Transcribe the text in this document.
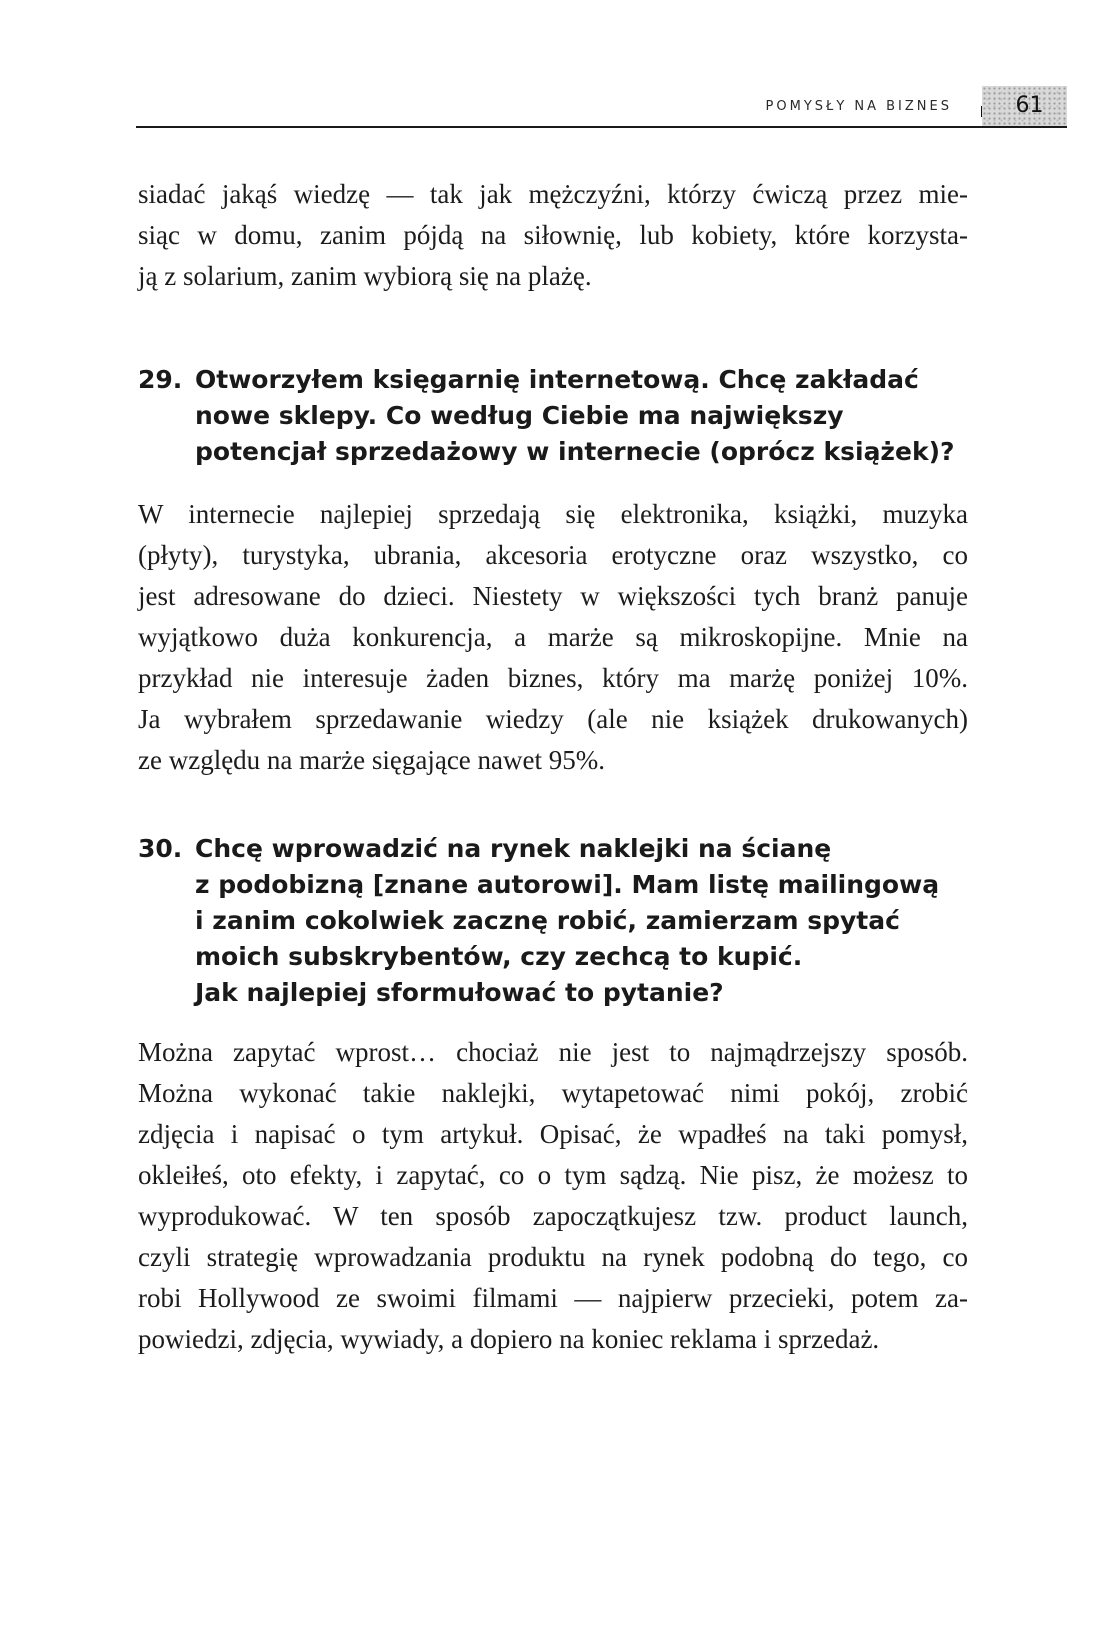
POMYSŁY NA BIZNES	61

siadać jakąś wiedzę — tak jak mężczyźni, którzy ćwiczą przez mie-
siąc w domu, zanim pójdą na siłownię, lub kobiety, które korzysta-
ją z solarium, zanim wybiorą się na plażę.

29. Otworzyłem księgarnię internetową. Chcę zakładać
nowe sklepy. Co według Ciebie ma największy
potencjał sprzedażowy w internecie (oprócz książek)?

W internecie najlepiej sprzedają się elektronika, książki, muzyka
(płyty), turystyka, ubrania, akcesoria erotyczne oraz wszystko, co
jest adresowane do dzieci. Niestety w większości tych branż panuje
wyjątkowo duża konkurencja, a marże są mikroskopijne. Mnie na
przykład nie interesuje żaden biznes, który ma marżę poniżej 10%.
Ja wybrałem sprzedawanie wiedzy (ale nie książek drukowanych)
ze względu na marże sięgające nawet 95%.

30. Chcę wprowadzić na rynek naklejki na ścianę
z podobizną [znane autorowi]. Mam listę mailingową
i zanim cokolwiek zacznę robić, zamierzam spytać
moich subskrybentów, czy zechcą to kupić.
Jak najlepiej sformułować to pytanie?

Można zapytać wprost… chociaż nie jest to najmądrzejszy sposób.
Można wykonać takie naklejki, wytapetować nimi pokój, zrobić
zdjęcia i napisać o tym artykuł. Opisać, że wpadłeś na taki pomysł,
okleiłeś, oto efekty, i zapytać, co o tym sądzą. Nie pisz, że możesz to
wyprodukować. W ten sposób zapoczątkujesz tzw. product launch,
czyli strategię wprowadzania produktu na rynek podobną do tego, co
robi Hollywood ze swoimi filmami — najpierw przecieki, potem za-
powiedzi, zdjęcia, wywiady, a dopiero na koniec reklama i sprzedaż.
